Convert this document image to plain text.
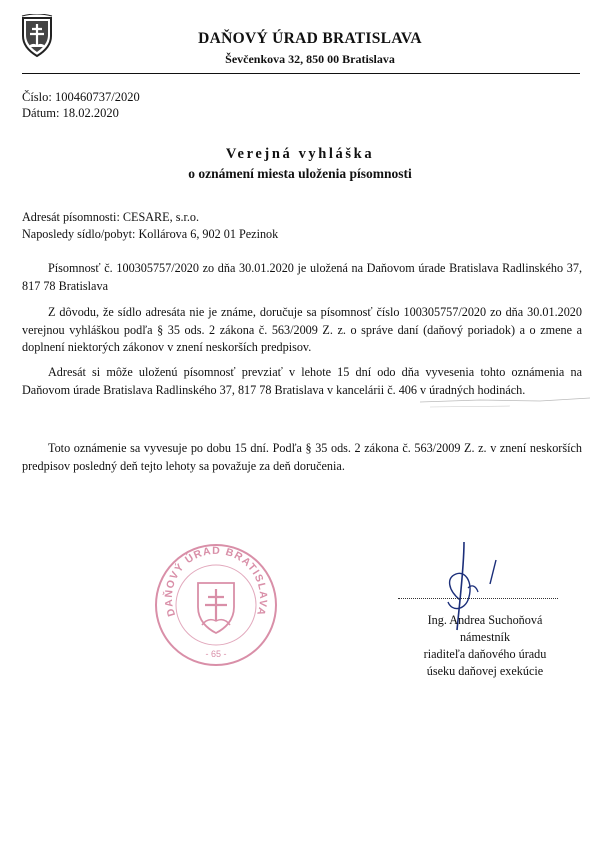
DAŇOVÝ ÚRAD BRATISLAVA
Ševčenkova 32, 850 00 Bratislava
Číslo: 100460737/2020
Dátum: 18.02.2020
Verejná vyhláška
o oznámení miesta uloženia písomnosti
Adresát písomnosti: CESARE, s.r.o.
Naposledy sídlo/pobyt: Kollárova 6, 902 01 Pezinok
Písomnosť č. 100305757/2020 zo dňa 30.01.2020 je uložená na Daňovom úrade Bratislava Radlinského 37, 817 78 Bratislava
Z dôvodu, že sídlo adresáta nie je známe, doručuje sa písomnosť číslo 100305757/2020 zo dňa 30.01.2020 verejnou vyhláškou podľa § 35 ods. 2 zákona č. 563/2009 Z. z. o správe daní (daňový poriadok) a o zmene a doplnení niektorých zákonov v znení neskorších predpisov.
Adresát si môže uloženú písomnosť prevziať v lehote 15 dní odo dňa vyvesenia tohto oznámenia na Daňovom úrade Bratislava Radlinského 37, 817 78 Bratislava v kancelárii č. 406 v úradných hodinách.
Toto oznámenie sa vyvesuje po dobu 15 dní. Podľa § 35 ods. 2 zákona č. 563/2009 Z. z. v znení neskorších predpisov posledný deň tejto lehoty sa považuje za deň doručenia.
DAŇOVÝ ÚRAD BRATISLAVA
- 65 -
Ing. Andrea Suchoňová
námestník
riaditeľa daňového úradu
úseku daňovej exekúcie
